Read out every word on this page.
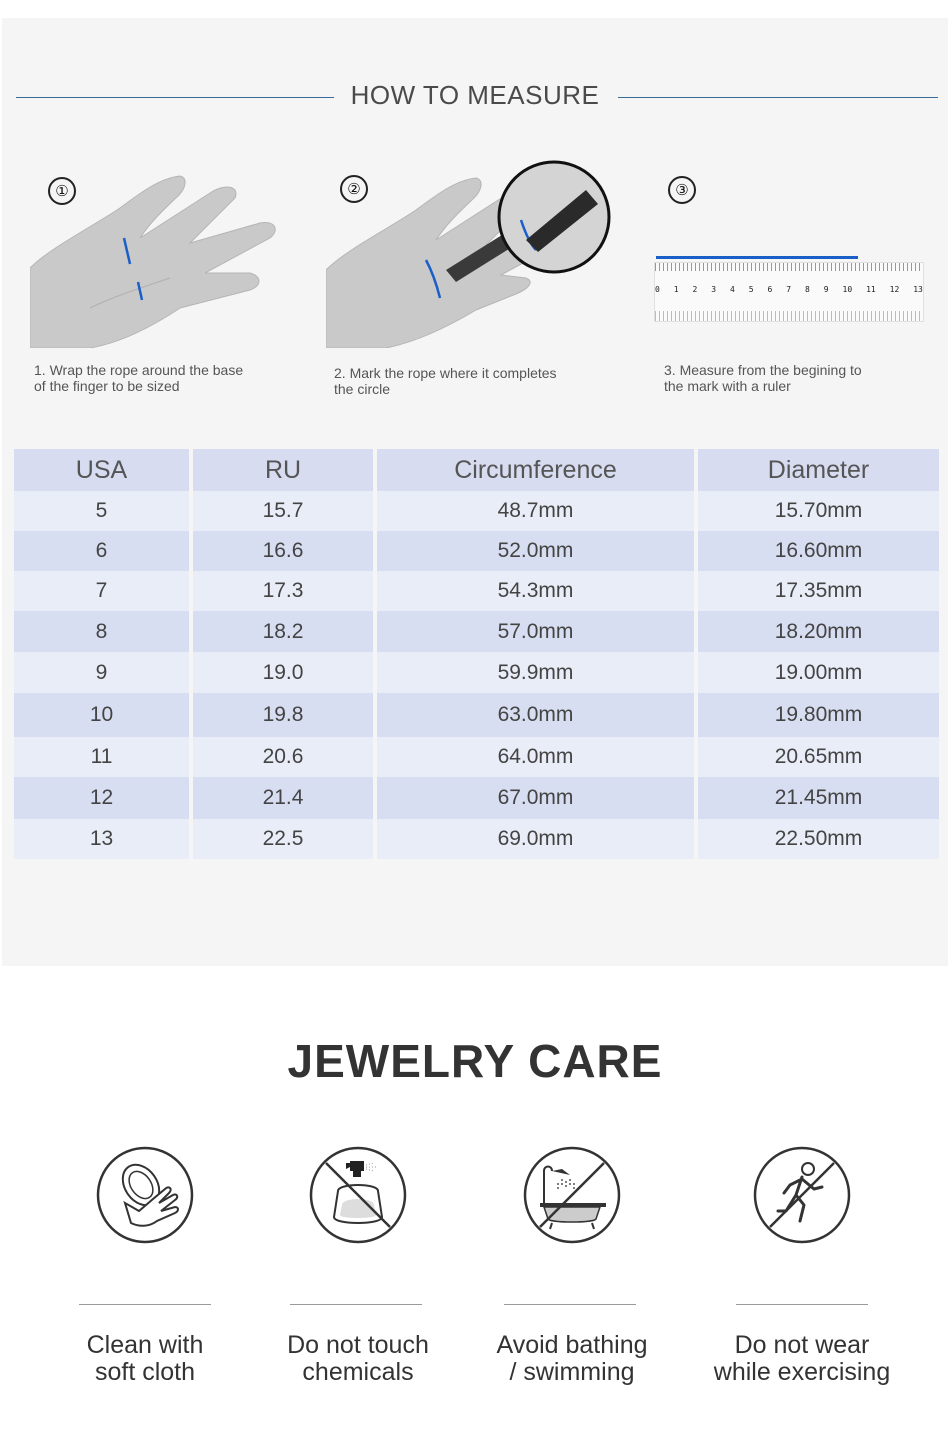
HOW TO MEASURE
①
1. Wrap the rope around the base
of the finger to be sized
②
2. Mark the rope where it completes
the circle
③
0 1 2 3 4 5 6 7 8 9 10 11 12 13
3. Measure from the begining to
the mark with a ruler
USA	RU	Circumference	Diameter
5	15.7	48.7mm	15.70mm
6	16.6	52.0mm	16.60mm
7	17.3	54.3mm	17.35mm
8	18.2	57.0mm	18.20mm
9	19.0	59.9mm	19.00mm
10	19.8	63.0mm	19.80mm
11	20.6	64.0mm	20.65mm
12	21.4	67.0mm	21.45mm
13	22.5	69.0mm	22.50mm
JEWELRY CARE
Clean with
soft cloth
Do not touch
chemicals
Avoid bathing
/ swimming
Do not wear
while exercising
